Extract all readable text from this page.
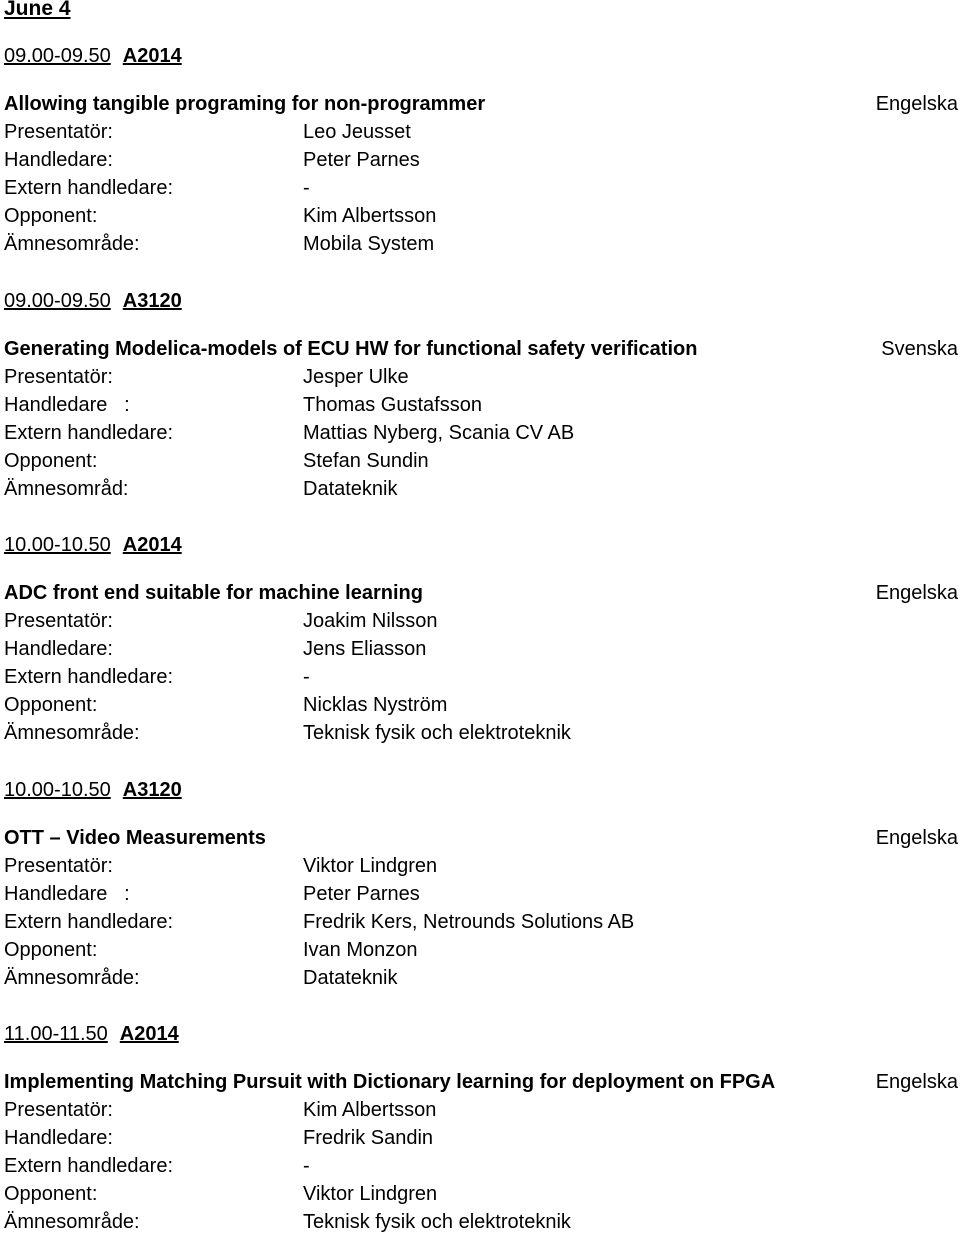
June 4
09.00-09.50 A2014
Allowing tangible programing for non-programmer	Engelska
Presentatör:	Leo Jeusset
Handledare:	Peter Parnes
Extern handledare:	-
Opponent:	Kim Albertsson
Ämnesområde:	Mobila System
09.00-09.50 A3120
Generating Modelica-models of ECU HW for functional safety verification	Svenska
Presentatör:	Jesper Ulke
Handledare   :	Thomas Gustafsson
Extern handledare:	Mattias Nyberg, Scania CV AB
Opponent:	Stefan Sundin
Ämnesområd:	Datateknik
10.00-10.50 A2014
ADC front end suitable for machine learning	Engelska
Presentatör:	Joakim Nilsson
Handledare:	Jens Eliasson
Extern handledare:	-
Opponent:	Nicklas Nyström
Ämnesområde:	Teknisk fysik och elektroteknik
10.00-10.50 A3120
OTT – Video Measurements	Engelska
Presentatör:	Viktor Lindgren
Handledare   :	Peter Parnes
Extern handledare:	Fredrik Kers, Netrounds Solutions AB
Opponent:	Ivan Monzon
Ämnesområde:	Datateknik
11.00-11.50 A2014
Implementing Matching Pursuit with Dictionary learning for deployment on FPGA	Engelska
Presentatör:	Kim Albertsson
Handledare:	Fredrik Sandin
Extern handledare:	-
Opponent:	Viktor Lindgren
Ämnesområde:	Teknisk fysik och elektroteknik
